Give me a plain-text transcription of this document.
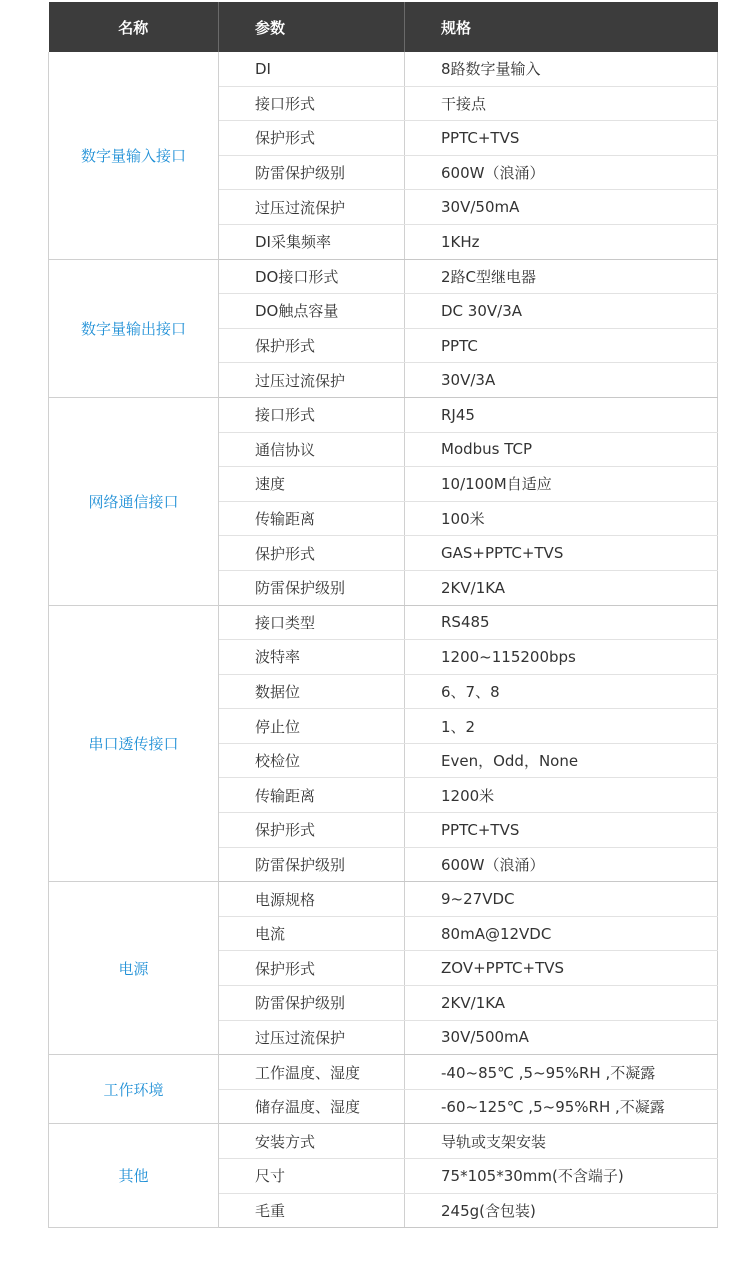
名称	参数	规格
数字量输入接口	DI	8路数字量输入
	接口形式	干接点
	保护形式	PPTC+TVS
	防雷保护级别	600W（浪涌）
	过压过流保护	30V/50mA
	DI采集频率	1KHz
数字量输出接口	DO接口形式	2路C型继电器
	DO触点容量	DC 30V/3A
	保护形式	PPTC
	过压过流保护	30V/3A
网络通信接口	接口形式	RJ45
	通信协议	Modbus TCP
	速度	10/100M自适应
	传输距离	100米
	保护形式	GAS+PPTC+TVS
	防雷保护级别	2KV/1KA
串口透传接口	接口类型	RS485
	波特率	1200~115200bps
	数据位	6、7、8
	停止位	1、2
	校检位	Even，Odd，None
	传输距离	1200米
	保护形式	PPTC+TVS
	防雷保护级别	600W（浪涌）
电源	电源规格	9~27VDC
	电流	80mA@12VDC
	保护形式	ZOV+PPTC+TVS
	防雷保护级别	2KV/1KA
	过压过流保护	30V/500mA
工作环境	工作温度、湿度	-40~85℃ ,5~95%RH ,不凝露
	储存温度、湿度	-60~125℃ ,5~95%RH ,不凝露
其他	安装方式	导轨或支架安装
	尺寸	75*105*30mm(不含端子)
	毛重	245g(含包装)
